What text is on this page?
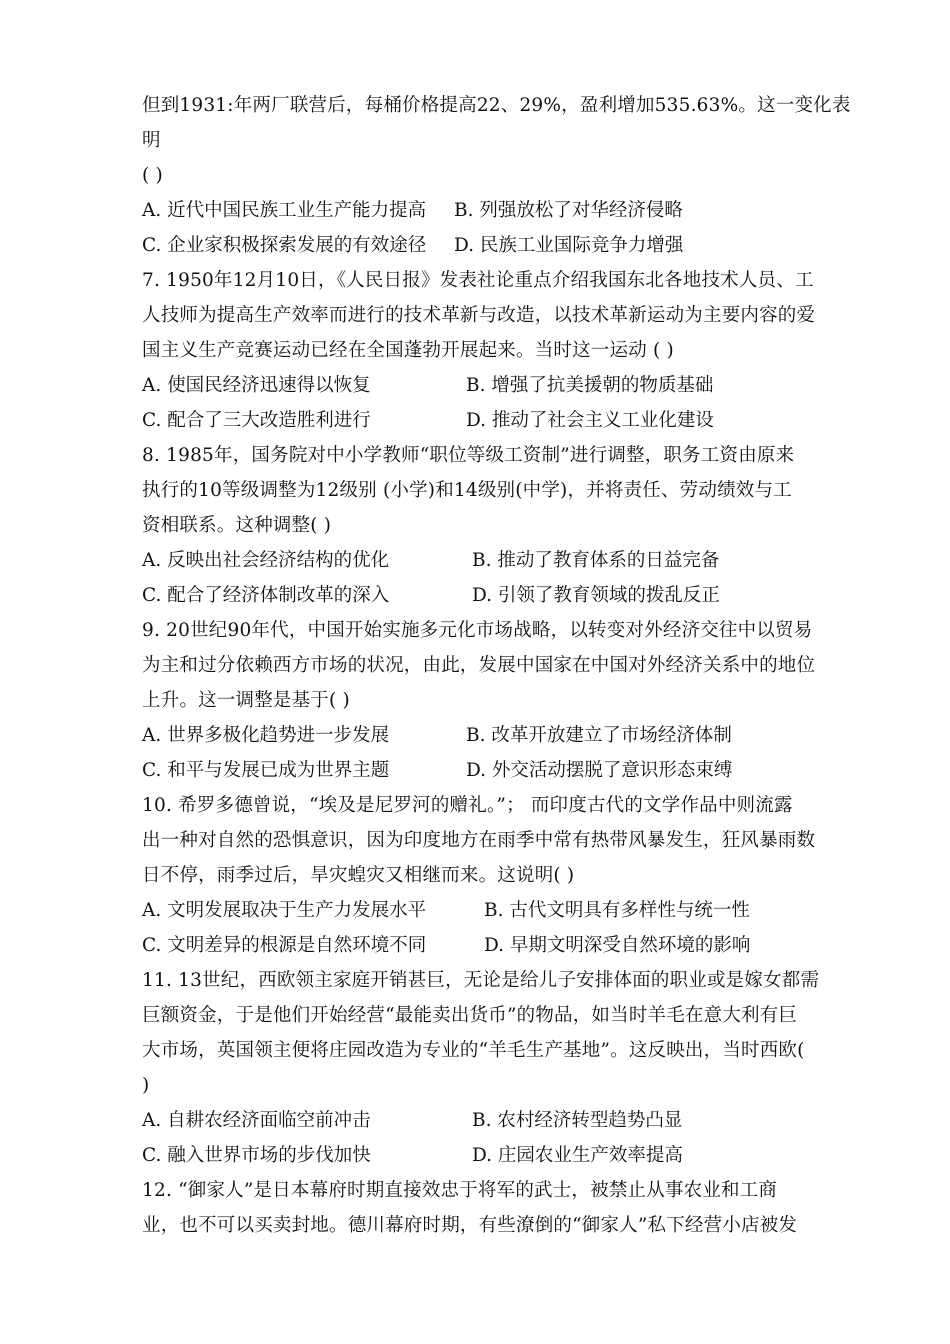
但到1931:年两厂联营后，每桶价格提高22、29%，盈利增加535.63%。这一变化表
明
( )
A. 近代中国民族工业生产能力提高	B. 列强放松了对华经济侵略
C. 企业家积极探索发展的有效途径	D. 民族工业国际竞争力增强
7. 1950年12月10日，《人民日报》发表社论重点介绍我国东北各地技术人员、工
人技师为提高生产效率而进行的技术革新与改造，以技术革新运动为主要内容的爱
国主义生产竞赛运动已经在全国蓬勃开展起来。当时这一运动 ( )
A. 使国民经济迅速得以恢复	B. 增强了抗美援朝的物质基础
C. 配合了三大改造胜利进行	D. 推动了社会主义工业化建设
8. 1985年，国务院对中小学教师“职位等级工资制”进行调整，职务工资由原来
执行的10等级调整为12级别 (小学)和14级别(中学)，并将责任、劳动绩效与工
资相联系。这种调整( )
A. 反映出社会经济结构的优化	B. 推动了教育体系的日益完备
C. 配合了经济体制改革的深入	D. 引领了教育领域的拨乱反正
9. 20世纪90年代，中国开始实施多元化市场战略，以转变对外经济交往中以贸易
为主和过分依赖西方市场的状况，由此，发展中国家在中国对外经济关系中的地位
上升。这一调整是基于( )
A. 世界多极化趋势进一步发展	B. 改革开放建立了市场经济体制
C. 和平与发展已成为世界主题	D. 外交活动摆脱了意识形态束缚
10. 希罗多德曾说，“埃及是尼罗河的赠礼。”； 而印度古代的文学作品中则流露
出一种对自然的恐惧意识，因为印度地方在雨季中常有热带风暴发生，狂风暴雨数
日不停，雨季过后，旱灾蝗灾又相继而来。这说明( )
A. 文明发展取决于生产力发展水平	B. 古代文明具有多样性与统一性
C. 文明差异的根源是自然环境不同	D. 早期文明深受自然环境的影响
11. 13世纪，西欧领主家庭开销甚巨，无论是给儿子安排体面的职业或是嫁女都需
巨额资金，于是他们开始经营“最能卖出货币”的物品，如当时羊毛在意大利有巨
大市场，英国领主便将庄园改造为专业的“羊毛生产基地”。这反映出，当时西欧(
)
A. 自耕农经济面临空前冲击	B. 农村经济转型趋势凸显
C. 融入世界市场的步伐加快	D. 庄园农业生产效率提高
12. “御家人”是日本幕府时期直接效忠于将军的武士，被禁止从事农业和工商
业，也不可以买卖封地。德川幕府时期，有些潦倒的“御家人”私下经营小店被发
